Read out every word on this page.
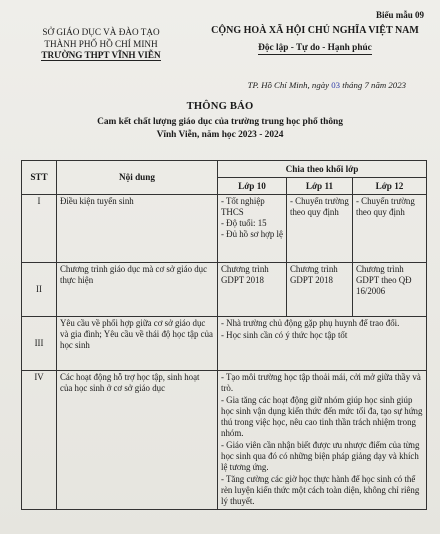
Biểu mẫu 09
SỞ GIÁO DỤC VÀ ĐÀO TẠO
THÀNH PHỐ HỒ CHÍ MINH
TRƯỜNG THPT VĨNH VIỄN
CỘNG HOÀ XÃ HỘI CHỦ NGHĨA VIỆT NAM
Độc lập - Tự do - Hạnh phúc
TP. Hồ Chí Minh, ngày 03 tháng 7 năm 2023
THÔNG BÁO
Cam kết chất lượng giáo dục của trường trung học phổ thông
Vĩnh Viễn, năm học 2023 - 2024
STT	Nội dung	Chia theo khối lớp		
		Lớp 10	Lớp 11	Lớp 12
I	Điều kiện tuyển sinh	- Tốt nghiệp THCS
- Độ tuổi: 15
- Đủ hồ sơ hợp lệ	- Chuyển trường theo quy định	- Chuyển trường theo quy định

II	Chương trình giáo dục mà cơ sở giáo dục thực hiện	Chương trình GDPT 2018	Chương trình GDPT 2018	Chương trình GDPT theo QĐ 16/2006
III	Yêu cầu về phối hợp giữa cơ sở giáo dục và gia đình; Yêu cầu về thái độ học tập của học sinh	- Nhà trường chủ động gặp phụ huynh để trao đổi.

- Học sinh cần có ý thức học tập tốt		

IV	Các hoạt động hỗ trợ học tập, sinh hoạt của học sinh ở cơ sở giáo dục	- Tạo môi trường học tập thoải mái, cởi mở giữa thầy và trò.

- Gia tăng các hoạt động giữ nhóm giúp học sinh giúp học sinh vận dụng kiến thức đến mức tối đa, tạo sự hứng thú trong việc học, nêu cao tinh thần trách nhiệm trong nhóm.

- Giáo viên cần nhận biết được ưu nhược điểm của từng học sinh qua đó có những biện pháp giảng dạy và khích lệ tương ứng.

- Tăng cường các giờ học thực hành để học sinh có thể rèn luyện kiến thức một cách toàn diện, không chỉ riêng lý thuyết.		
